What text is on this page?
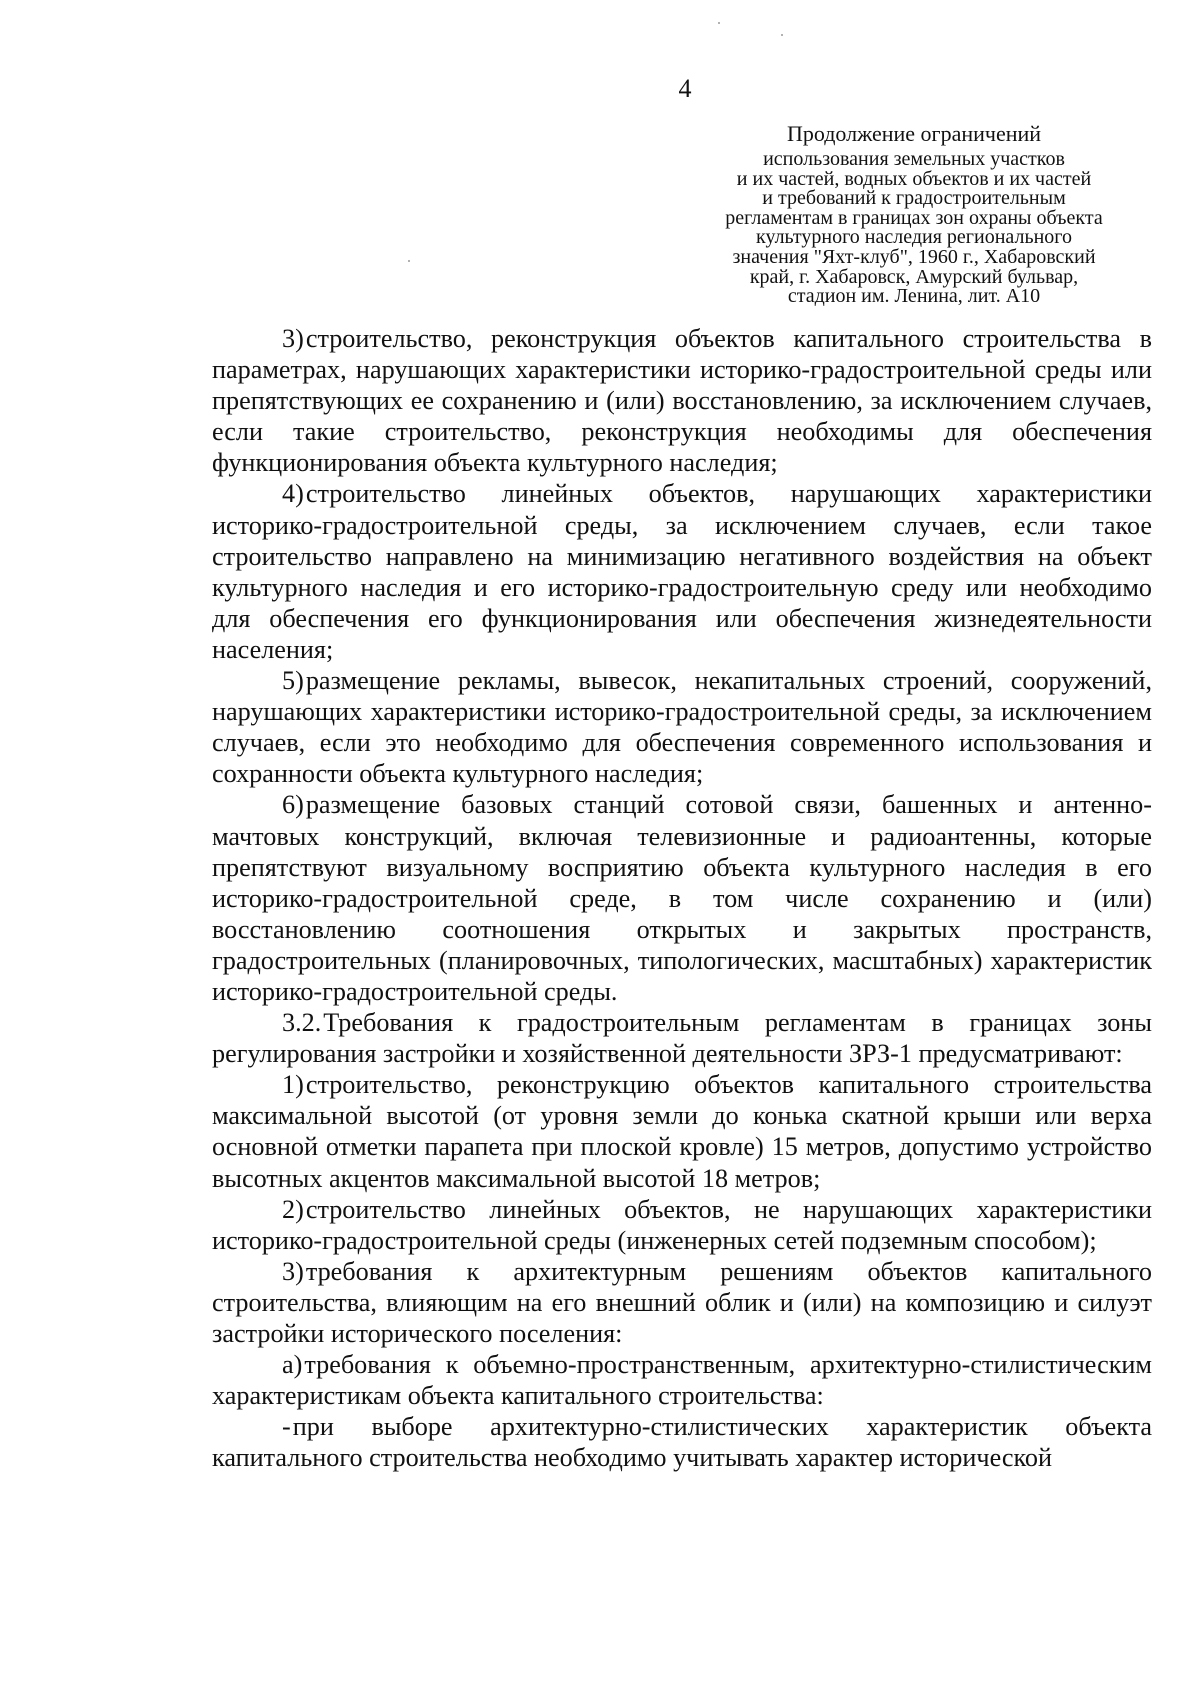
4

Продолжение ограничений

использования земельных участков

и их частей, водных объектов и их частей

и требований к градостроительным

регламентам в границах зон охраны объекта

культурного наследия регионального

значения "Яхт-клуб", 1960 г., Хабаровский

край, г. Хабаровск, Амурский бульвар,

стадион им. Ленина, лит. А10

3)строительство, реконструкция объектов капитального строительства в параметрах, нарушающих характеристики историко-градостроительной среды или препятствующих ее сохранению и (или) восстановлению, за исключением случаев, если такие строительство, реконструкция необходимы для обеспечения функционирования объекта культурного наследия;

4)строительство линейных объектов, нарушающих характеристики историко-градостроительной среды, за исключением случаев, если такое строительство направлено на минимизацию негативного воздействия на объект культурного наследия и его историко-градостроительную среду или необходимо для обеспечения его функционирования или обеспечения жизнедеятельности населения;

5)размещение рекламы, вывесок, некапитальных строений, сооружений, нарушающих характеристики историко-градостроительной среды, за исключением случаев, если это необходимо для обеспечения современного использования и сохранности объекта культурного наследия;

6)размещение базовых станций сотовой связи, башенных и антенно-мачтовых конструкций, включая телевизионные и радиоантенны, которые препятствуют визуальному восприятию объекта культурного наследия в его историко-градостроительной среде, в том числе сохранению и (или) восстановлению соотношения открытых и закрытых пространств, градостроительных (планировочных, типологических, масштабных) характеристик историко-градостроительной среды.

3.2.Требования к градостроительным регламентам в границах зоны регулирования застройки и хозяйственной деятельности ЗРЗ-1 предусматривают:

1)строительство, реконструкцию объектов капитального строительства максимальной высотой (от уровня земли до конька скатной крыши или верха основной отметки парапета при плоской кровле) 15 метров, допустимо устройство высотных акцентов максимальной высотой 18 метров;

2)строительство линейных объектов, не нарушающих характеристики историко-градостроительной среды (инженерных сетей подземным способом);

3)требования к архитектурным решениям объектов капитального строительства, влияющим на его внешний облик и (или) на композицию и силуэт застройки исторического поселения:

а)требования к объемно-пространственным, архитектурно-стилистическим характеристикам объекта капитального строительства:

-при выборе архитектурно-стилистических характеристик объекта капитального строительства необходимо учитывать характер исторической
